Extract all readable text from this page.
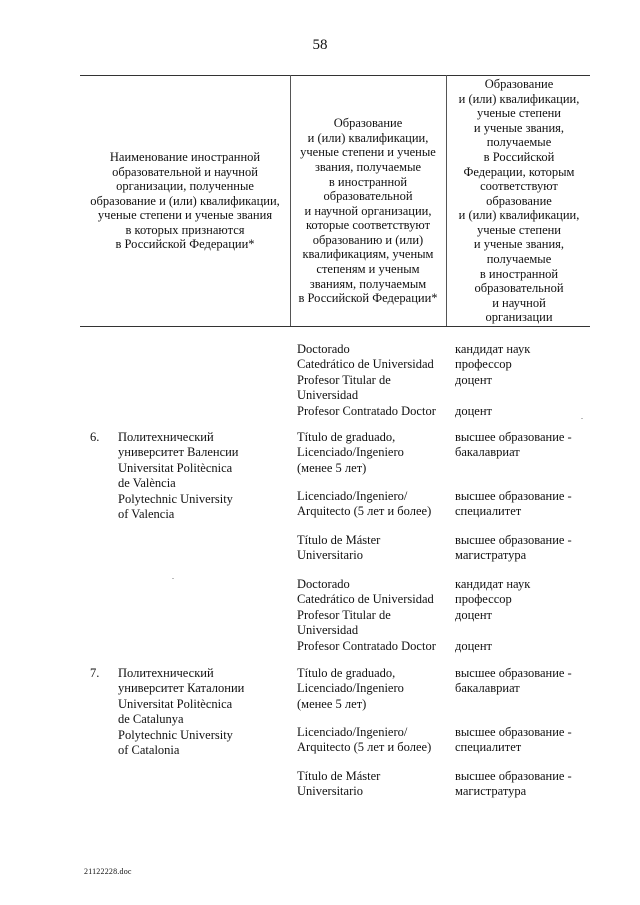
58
Наименование иностранной
образовательной и научной
организации, полученные
образование и (или) квалификации,
ученые степени и ученые звания
в которых признаются
в Российской Федерации*
Образование
и (или) квалификации,
ученые степени и ученые
звания, получаемые
в иностранной
образовательной
и научной организации,
которые соответствуют
образованию и (или)
квалификациям, ученым
степеням и ученым
званиям, получаемым
в Российской Федерации*
Образование
и (или) квалификации,
ученые степени
и ученые звания,
получаемые
в Российской
Федерации, которым
соответствуют
образование
и (или) квалификации,
ученые степени
и ученые звания,
получаемые
в иностранной
образовательной
и научной
организации
Doctorado
Catedrático de Universidad
Profesor Titular de
Universidad
Profesor Contratado Doctor
кандидат наук
профессор
доцент
доцент
6. Политехнический
университет Валенсии
Universitat Politècnica
de València
Polytechnic University
of Valencia
Título de graduado,
Licenciado/Ingeniero
(менее 5 лет)
высшее образование -
бакалавриат
Licenciado/Ingeniero/
Arquitecto (5 лет и более)
высшее образование -
специалитет
Título de Máster
Universitario
высшее образование -
магистратура
Doctorado
Catedrático de Universidad
Profesor Titular de
Universidad
Profesor Contratado Doctor
кандидат наук
профессор
доцент
доцент
7. Политехнический
университет Каталонии
Universitat Politècnica
de Catalunya
Polytechnic University
of Catalonia
Título de graduado,
Licenciado/Ingeniero
(менее 5 лет)
высшее образование -
бакалавриат
Licenciado/Ingeniero/
Arquitecto (5 лет и более)
высшее образование -
специалитет
Título de Máster
Universitario
высшее образование -
магистратура
21122228.doc
